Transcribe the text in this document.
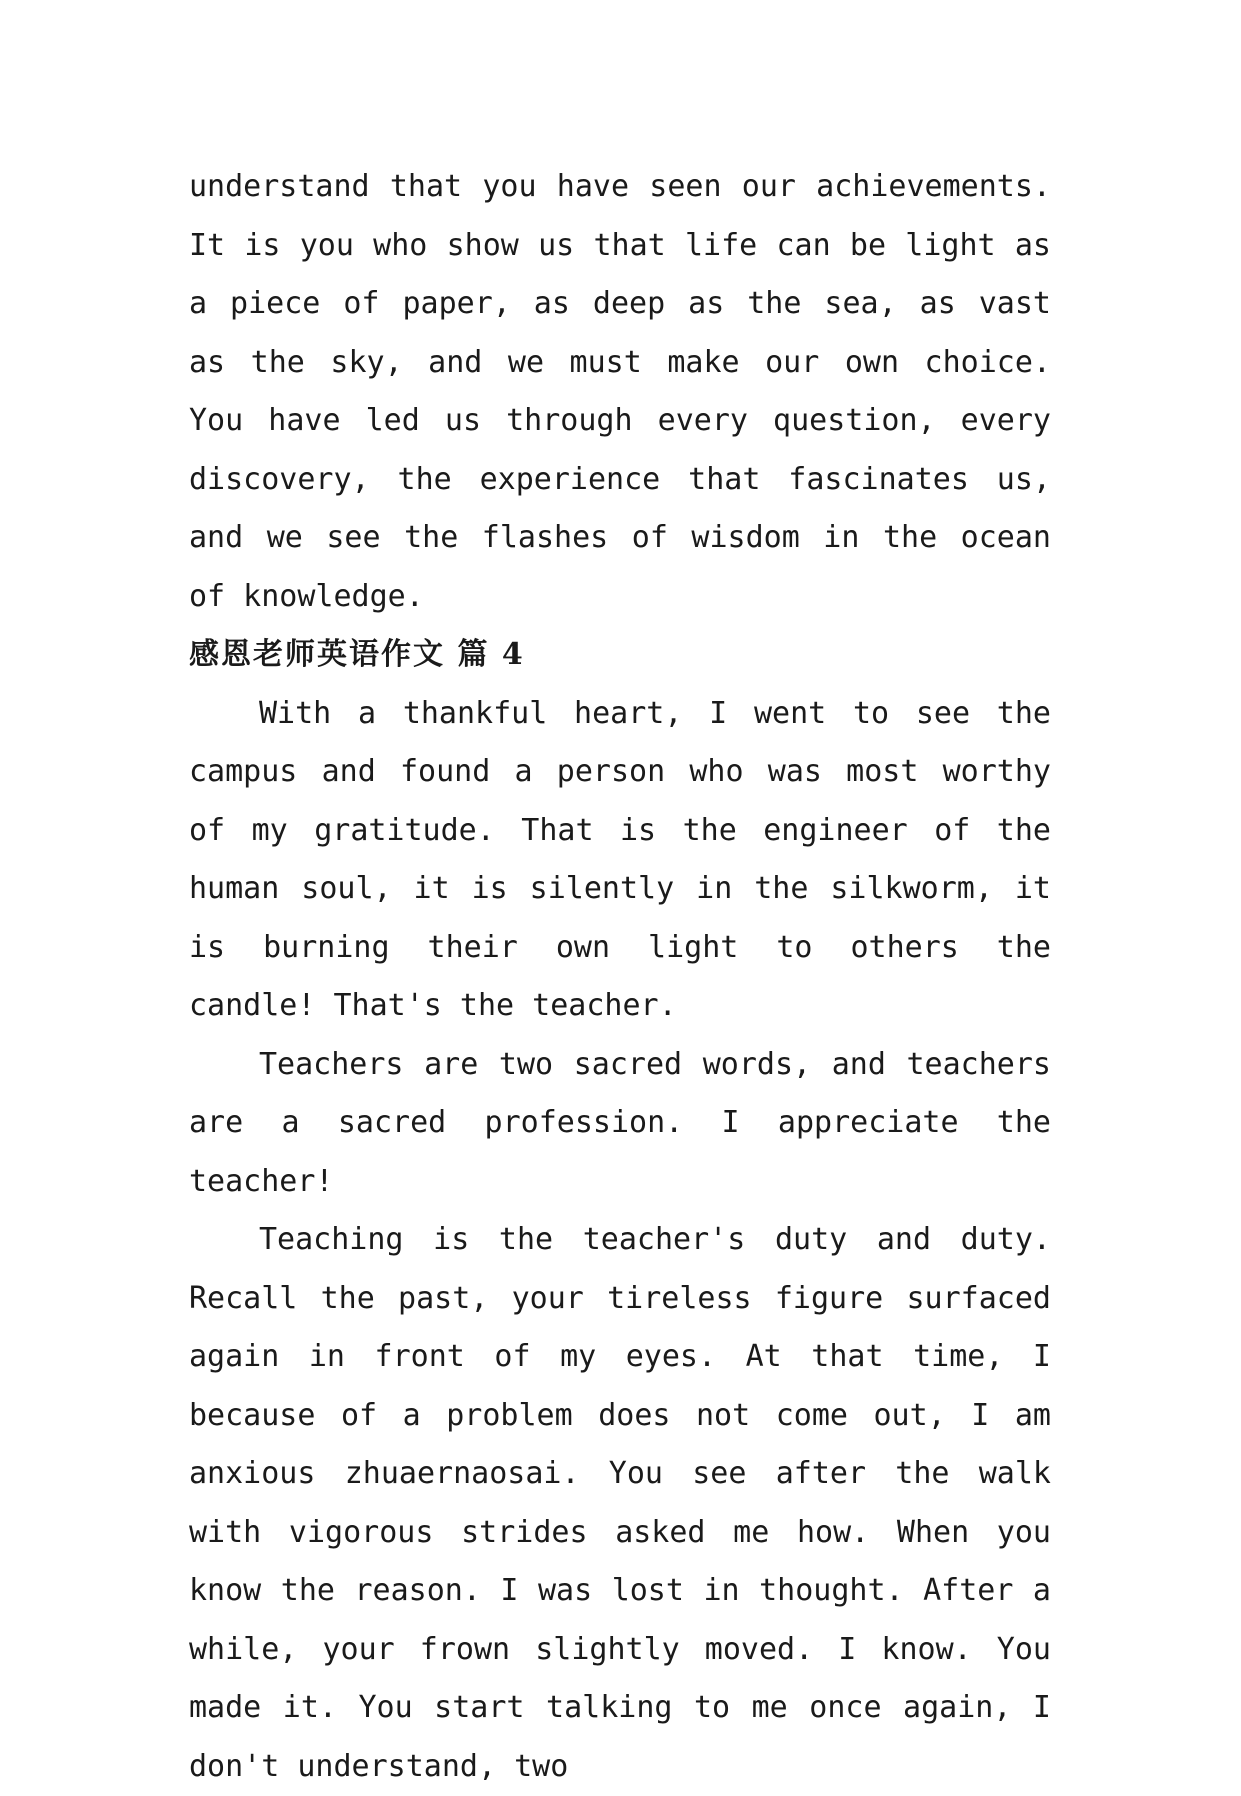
understand that you have seen our achievements. It is you who show us that life can be light as a piece of paper, as deep as the sea, as vast as the sky, and we must make our own choice. You have led us through every question, every discovery, the experience that fascinates us, and we see the flashes of wisdom in the ocean of knowledge.

感恩老师英语作文 篇 4

With a thankful heart, I went to see the campus and found a person who was most worthy of my gratitude. That is the engineer of the human soul, it is silently in the silkworm, it is burning their own light to others the candle! That's the teacher.

Teachers are two sacred words, and teachers are a sacred profession. I appreciate the teacher!

Teaching is the teacher's duty and duty. Recall the past, your tireless figure surfaced again in front of my eyes. At that time, I because of a problem does not come out, I am anxious zhuaernaosai. You see after the walk with vigorous strides asked me how. When you know the reason. I was lost in thought. After a while, your frown slightly moved. I know. You made it. You start talking to me once again, I don't understand, two
